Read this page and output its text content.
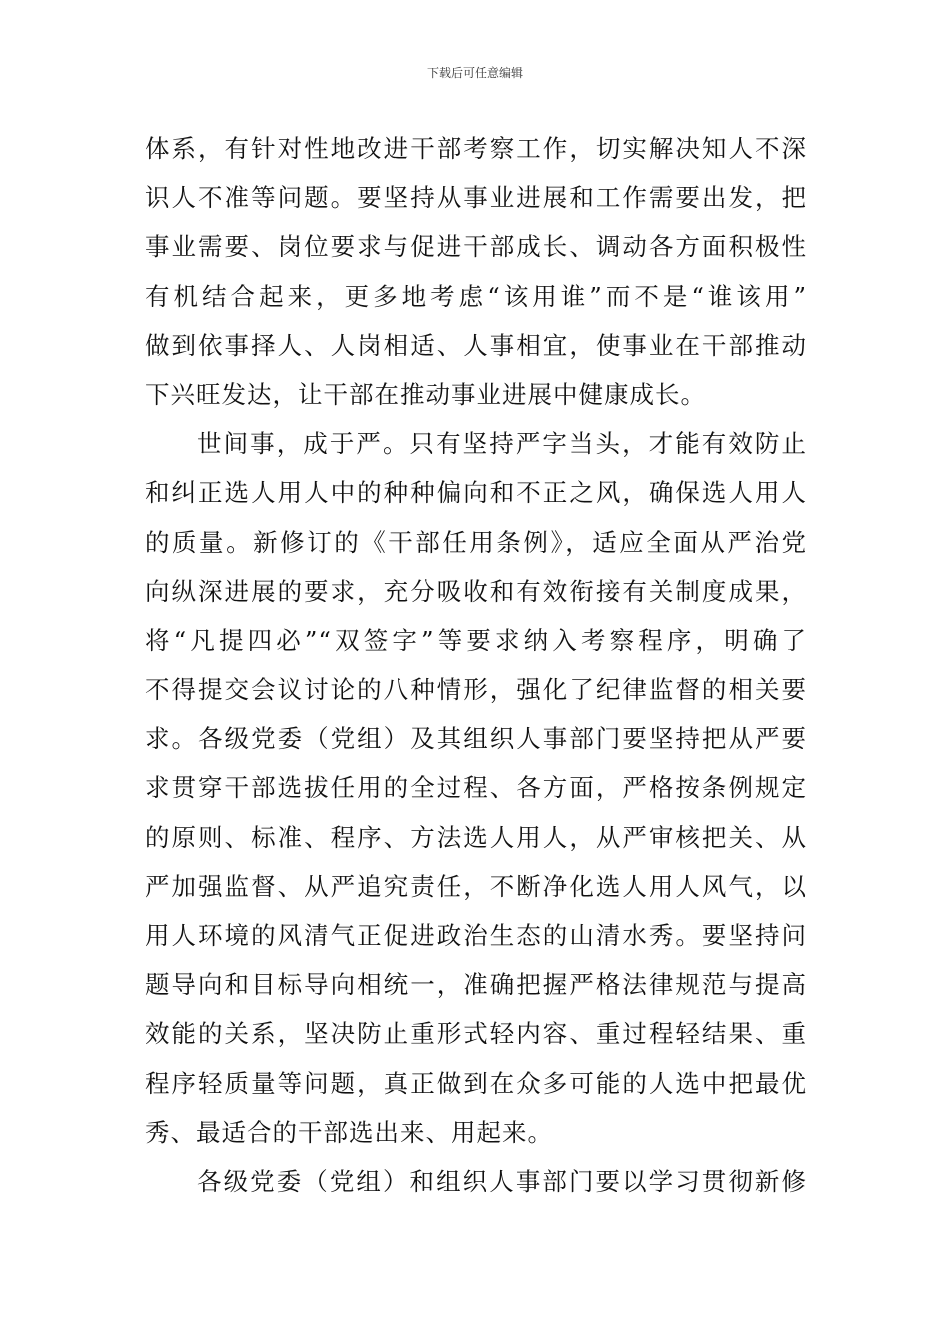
下载后可任意编辑
体系，有针对性地改进干部考察工作，切实解决知人不深
识人不准等问题。要坚持从事业进展和工作需要出发，把
事业需要、岗位要求与促进干部成长、调动各方面积极性
有机结合起来，更多地考虑“该用谁”而不是“谁该用”
做到依事择人、人岗相适、人事相宜，使事业在干部推动
下兴旺发达，让干部在推动事业进展中健康成长。
世间事，成于严。只有坚持严字当头，才能有效防止
和纠正选人用人中的种种偏向和不正之风，确保选人用人
的质量。新修订的《干部任用条例》，适应全面从严治党
向纵深进展的要求，充分吸收和有效衔接有关制度成果，
将“凡提四必”“双签字”等要求纳入考察程序，明确了
不得提交会议讨论的八种情形，强化了纪律监督的相关要
求。各级党委（党组）及其组织人事部门要坚持把从严要
求贯穿干部选拔任用的全过程、各方面，严格按条例规定
的原则、标准、程序、方法选人用人，从严审核把关、从
严加强监督、从严追究责任，不断净化选人用人风气，以
用人环境的风清气正促进政治生态的山清水秀。要坚持问
题导向和目标导向相统一，准确把握严格法律规范与提高
效能的关系，坚决防止重形式轻内容、重过程轻结果、重
程序轻质量等问题，真正做到在众多可能的人选中把最优
秀、最适合的干部选出来、用起来。
各级党委（党组）和组织人事部门要以学习贯彻新修
